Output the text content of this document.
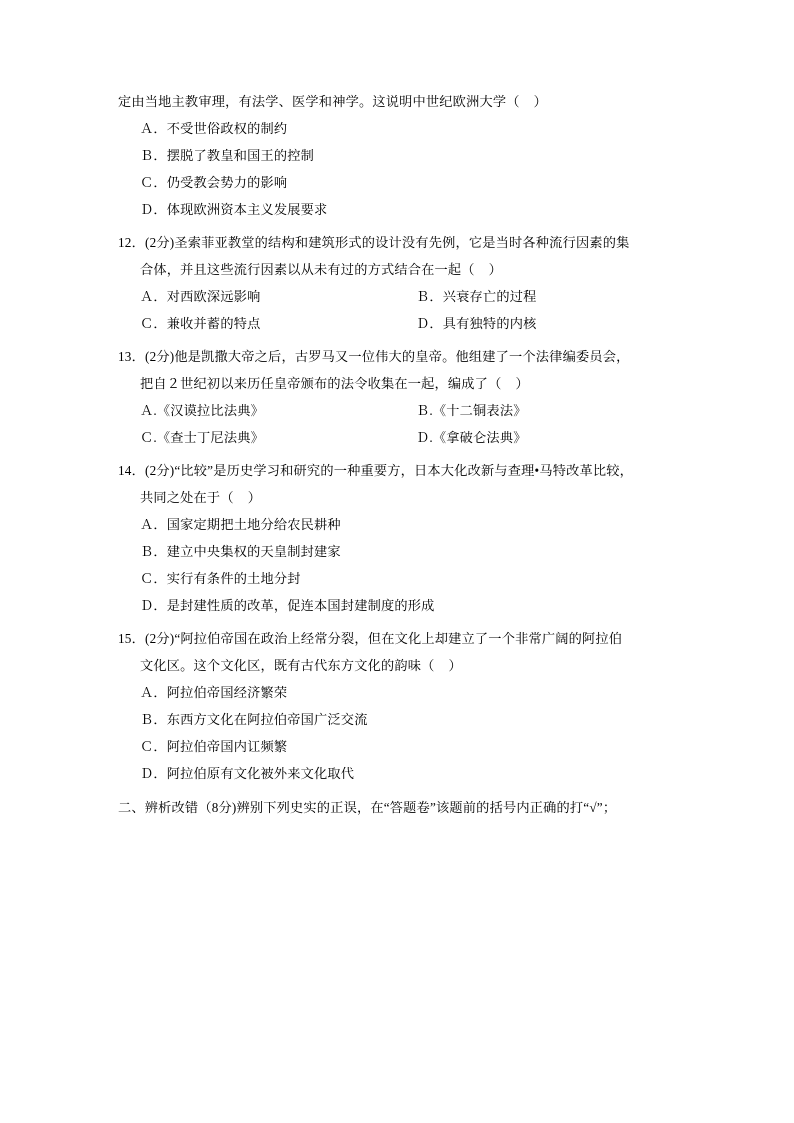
定由当地主教审理，有法学、医学和神学。这说明中世纪欧洲大学（    ）
Ａ．不受世俗政权的制约
Ｂ．摆脱了教皇和国王的控制
Ｃ．仍受教会势力的影响
Ｄ．体现欧洲资本主义发展要求
12．(2分)圣索菲亚教堂的结构和建筑形式的设计没有先例，它是当时各种流行因素的集
合体，并且这些流行因素以从未有过的方式结合在一起（    ）
Ａ．对西欧深远影响	Ｂ．兴衰存亡的过程
Ｃ．兼收并蓄的特点	Ｄ．具有独特的内核
13．(2分)他是凯撒大帝之后，古罗马又一位伟大的皇帝。他组建了一个法律编委员会，
把自２世纪初以来历任皇帝颁布的法令收集在一起，编成了（    ）
Ａ.《汉谟拉比法典》	Ｂ.《十二铜表法》
Ｃ.《查士丁尼法典》	Ｄ.《拿破仑法典》
14．(2分)“比较”是历史学习和研究的一种重要方，日本大化改新与查理•马特改革比较，
共同之处在于（    ）
Ａ．国家定期把土地分给农民耕种
Ｂ．建立中央集权的天皇制封建家
Ｃ．实行有条件的土地分封
Ｄ．是封建性质的改革，促连本国封建制度的形成
15．(2分)“阿拉伯帝国在政治上经常分裂，但在文化上却建立了一个非常广阔的阿拉伯
文化区。这个文化区，既有古代东方文化的韵味（    ）
Ａ．阿拉伯帝国经济繁荣
Ｂ．东西方文化在阿拉伯帝国广泛交流
Ｃ．阿拉伯帝国内讧频繁
Ｄ．阿拉伯原有文化被外来文化取代
二、辨析改错（8分)辨别下列史实的正误，在“答题卷”该题前的括号内正确的打“√”；
